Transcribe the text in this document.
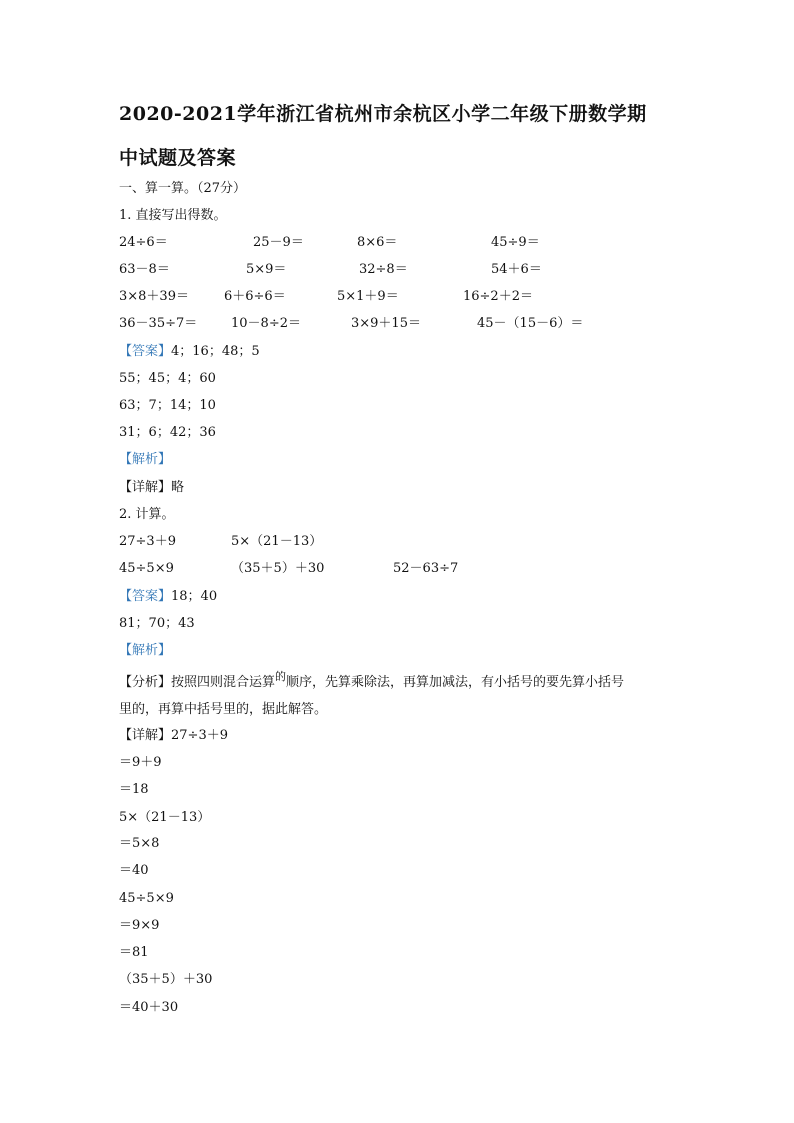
2020-2021学年浙江省杭州市余杭区小学二年级下册数学期
中试题及答案
一、算一算。（27分）
1. 直接写出得数。
24÷6＝	25－9＝	8×6＝	45÷9＝
63－8＝	5×9＝	32÷8＝	54＋6＝
3×8＋39＝	6＋6÷6＝	5×1＋9＝	16÷2＋2＝
36－35÷7＝	10－8÷2＝	3×9＋15＝	45－（15－6）＝
【答案】4；16；48；5
55；45；4；60
63；7；14；10
31；6；42；36
【解析】
【详解】略
2. 计算。
27÷3＋9	5×（21－13）
45÷5×9	（35＋5）＋30	52－63÷7
【答案】18；40
81；70；43
【解析】
【分析】按照四则混合运算$^的$顺序，先算乘除法，再算加减法，有小括号的要先算小括号
里的，再算中括号里的，据此解答。
【详解】27÷3＋9
＝9＋9
＝18
5×（21－13）
＝5×8
＝40
45÷5×9
＝9×9
＝81
（35＋5）＋30
＝40＋30
